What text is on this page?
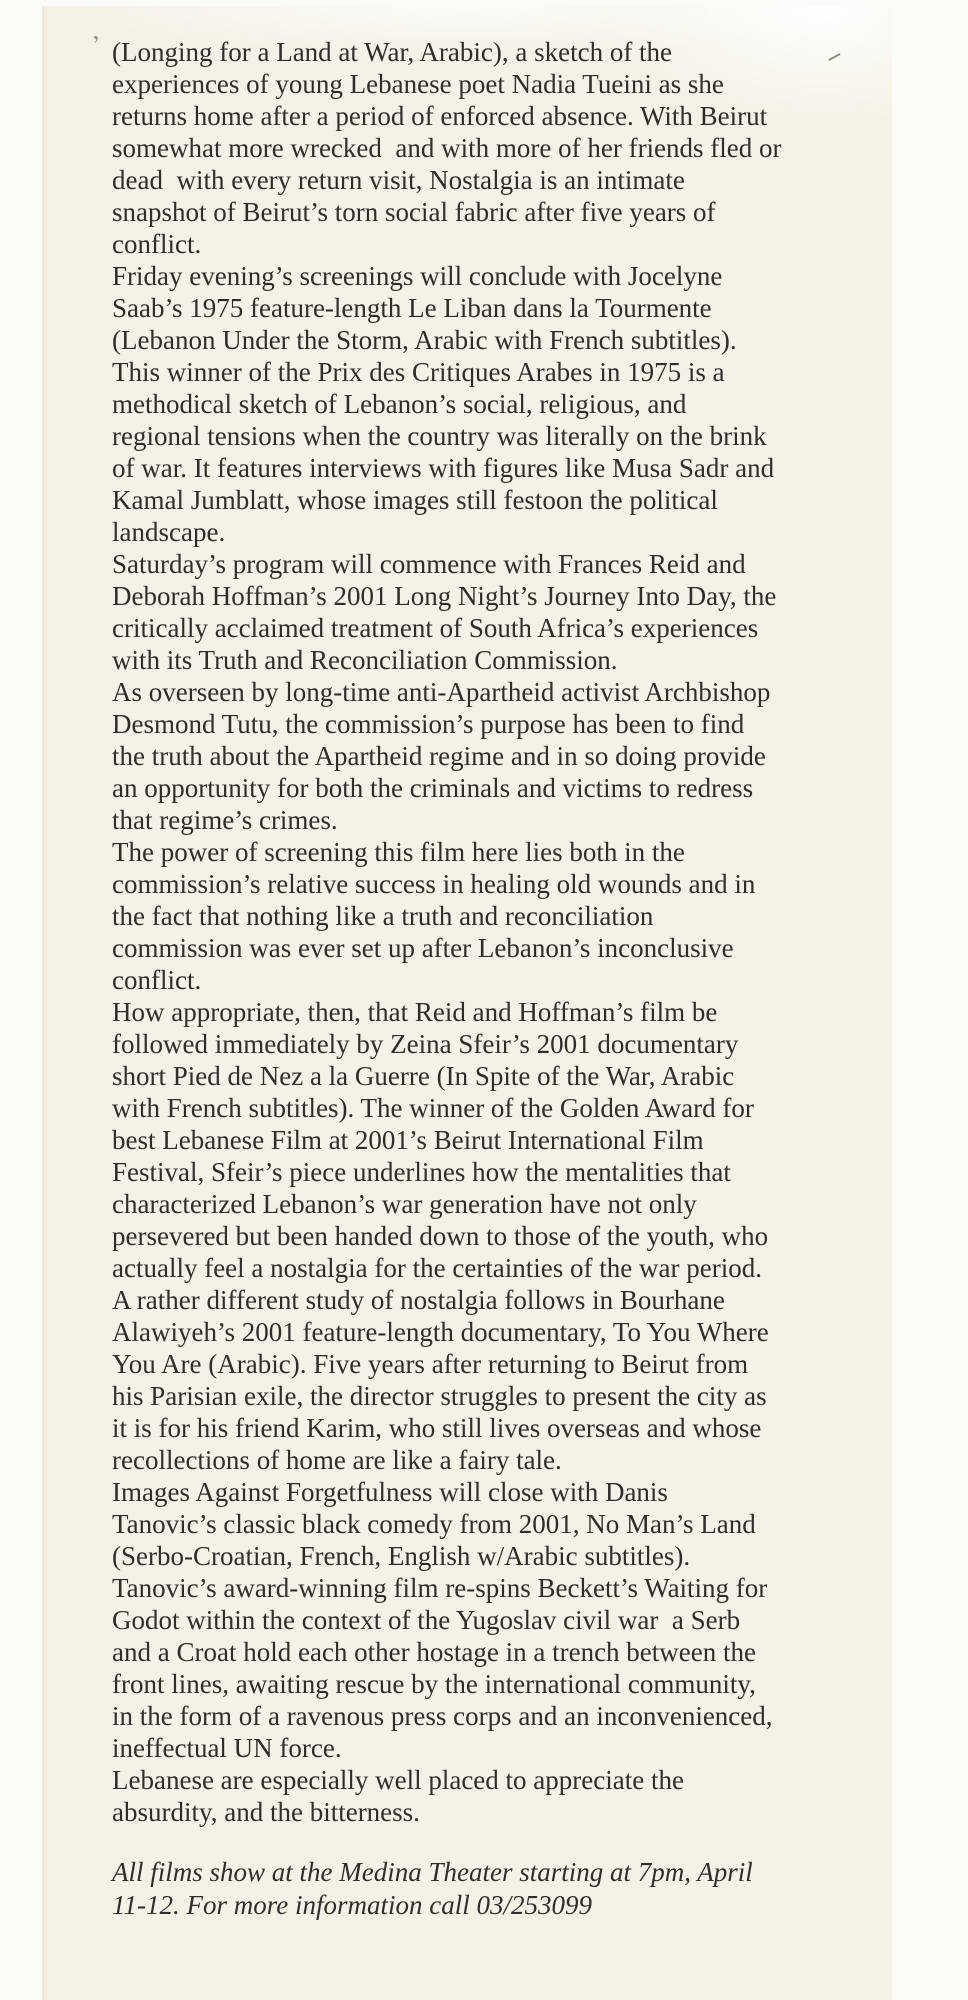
’ (Longing for a Land at War, Arabic), a sketch of the
experiences of young Lebanese poet Nadia Tueini as she
returns home after a period of enforced absence. With Beirut
somewhat more wrecked  and with more of her friends fled or
dead  with every return visit, Nostalgia is an intimate
snapshot of Beirut’s torn social fabric after five years of
conflict.
Friday evening’s screenings will conclude with Jocelyne
Saab’s 1975 feature-length Le Liban dans la Tourmente
(Lebanon Under the Storm, Arabic with French subtitles).
This winner of the Prix des Critiques Arabes in 1975 is a
methodical sketch of Lebanon’s social, religious, and
regional tensions when the country was literally on the brink
of war. It features interviews with figures like Musa Sadr and
Kamal Jumblatt, whose images still festoon the political
landscape.
Saturday’s program will commence with Frances Reid and
Deborah Hoffman’s 2001 Long Night’s Journey Into Day, the
critically acclaimed treatment of South Africa’s experiences
with its Truth and Reconciliation Commission.
As overseen by long-time anti-Apartheid activist Archbishop
Desmond Tutu, the commission’s purpose has been to find
the truth about the Apartheid regime and in so doing provide
an opportunity for both the criminals and victims to redress
that regime’s crimes.
The power of screening this film here lies both in the
commission’s relative success in healing old wounds and in
the fact that nothing like a truth and reconciliation
commission was ever set up after Lebanon’s inconclusive
conflict.
How appropriate, then, that Reid and Hoffman’s film be
followed immediately by Zeina Sfeir’s 2001 documentary
short Pied de Nez a la Guerre (In Spite of the War, Arabic
with French subtitles). The winner of the Golden Award for
best Lebanese Film at 2001’s Beirut International Film
Festival, Sfeir’s piece underlines how the mentalities that
characterized Lebanon’s war generation have not only
persevered but been handed down to those of the youth, who
actually feel a nostalgia for the certainties of the war period.
A rather different study of nostalgia follows in Bourhane
Alawiyeh’s 2001 feature-length documentary, To You Where
You Are (Arabic). Five years after returning to Beirut from
his Parisian exile, the director struggles to present the city as
it is for his friend Karim, who still lives overseas and whose
recollections of home are like a fairy tale.
Images Against Forgetfulness will close with Danis
Tanovic’s classic black comedy from 2001, No Man’s Land
(Serbo-Croatian, French, English w/Arabic subtitles).
Tanovic’s award-winning film re-spins Beckett’s Waiting for
Godot within the context of the Yugoslav civil war  a Serb
and a Croat hold each other hostage in a trench between the
front lines, awaiting rescue by the international community,
in the form of a ravenous press corps and an inconvenienced,
ineffectual UN force.
Lebanese are especially well placed to appreciate the
absurdity, and the bitterness.
All films show at the Medina Theater starting at 7pm, April
11-12. For more information call 03/253099
